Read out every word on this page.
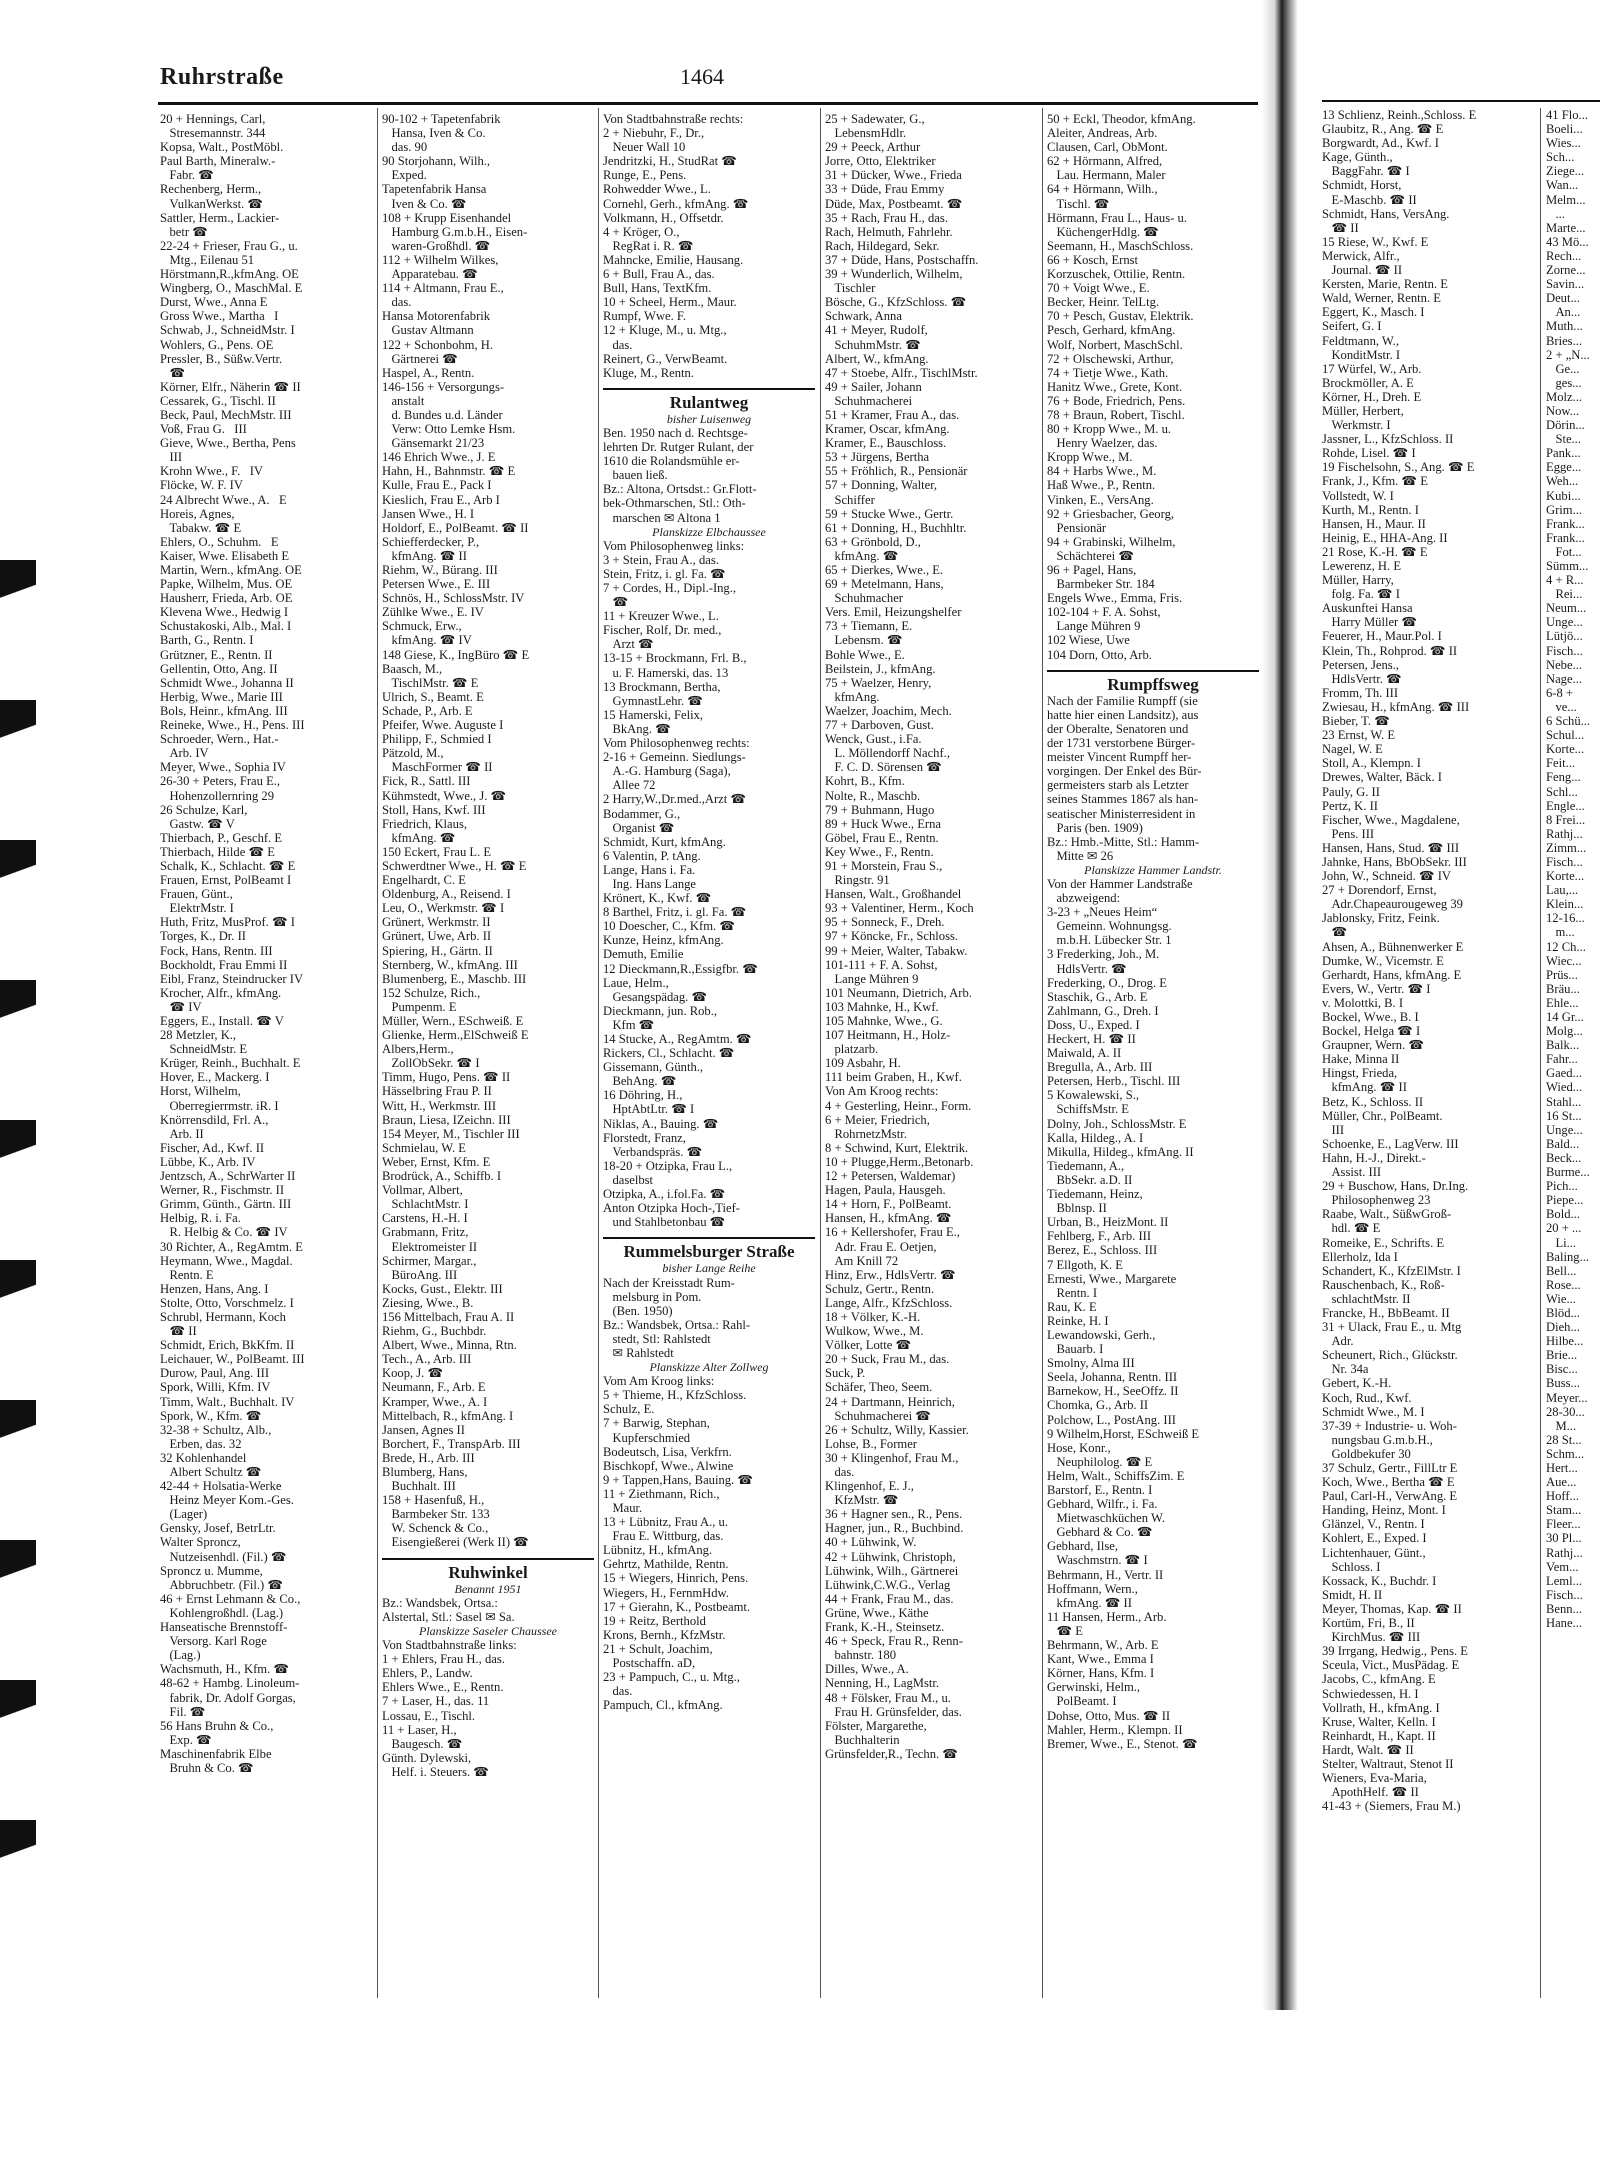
Ruhrstraße	1464
20 + Hennings, Carl,
Stresemannstr. 344
Kopsa, Walt., PostMöbl.
Paul Barth, Mineralw.-
Fabr. ☎
Rechenberg, Herm.,
VulkanWerkst. ☎
Sattler, Herm., Lackier-
betr ☎
22-24 + Frieser, Frau G., u.
Mtg., Eilenau 51
Hörstmann,R.,kfmAng. OE
Wingberg, O., MaschMal. E
Durst, Wwe., Anna E
Gross Wwe., Martha   I
Schwab, J., SchneidMstr. I
Wohlers, G., Pens. OE
Pressler, B., Süßw.Vertr.
☎
Körner, Elfr., Näherin ☎ II
Cessarek, G., Tischl. II
Beck, Paul, MechMstr. III
Voß, Frau G.   III
Gieve, Wwe., Bertha, Pens
III
Krohn Wwe., F.   IV
Flöcke, W. F. IV
24 Albrecht Wwe., A.   E
Horeis, Agnes,
Tabakw. ☎ E
Ehlers, O., Schuhm.   E
Kaiser, Wwe. Elisabeth E
Martin, Wern., kfmAng. OE
Papke, Wilhelm, Mus. OE
Hausherr, Frieda, Arb. OE
Klevena Wwe., Hedwig I
Schustakoski, Alb., Mal. I
Barth, G., Rentn. I
Grützner, E., Rentn. II
Gellentin, Otto, Ang. II
Schmidt Wwe., Johanna II
Herbig, Wwe., Marie III
Bols, Heinr., kfmAng. III
Reineke, Wwe., H., Pens. III
Schroeder, Wern., Hat.-
Arb. IV
Meyer, Wwe., Sophia IV
26-30 + Peters, Frau E.,
Hohenzollernring 29
26 Schulze, Karl,
Gastw. ☎ V
Thierbach, P., Geschf. E
Thierbach, Hilde ☎ E
Schalk, K., Schlacht. ☎ E
Frauen, Ernst, PolBeamt I
Frauen, Günt.,
ElektrMstr. I
Huth, Fritz, MusProf. ☎ I
Torges, K., Dr. II
Fock, Hans, Rentn. III
Bockholdt, Frau Emmi II
Eibl, Franz, Steindrucker IV
Krocher, Alfr., kfmAng.
☎ IV
Eggers, E., Install. ☎ V
28 Metzler, K.,
SchneidMstr. E
Krüger, Reinh., Buchhalt. E
Hover, E., Mackerg. I
Horst, Wilhelm,
Oberregierrmstr. iR. I
Knörrensdild, Frl. A.,
Arb. II
Fischer, Ad., Kwf. II
Lübbe, K., Arb. IV
Jentzsch, A., SchrWarter II
Werner, R., Fischmstr. II
Grimm, Günth., Gärtn. III
Helbig, R. i. Fa.
R. Helbig & Co. ☎ IV
30 Richter, A., RegAmtm. E
Heymann, Wwe., Magdal.
Rentn. E
Henzen, Hans, Ang. I
Stolte, Otto, Vorschmelz. I
Schrubl, Hermann, Koch
☎ II
Schmidt, Erich, BkKfm. II
Leichauer, W., PolBeamt. III
Durow, Paul, Ang. III
Spork, Willi, Kfm. IV
Timm, Walt., Buchhalt. IV
Spork, W., Kfm. ☎
32-38 + Schultz, Alb.,
Erben, das. 32
32 Kohlenhandel
Albert Schultz ☎
42-44 + Holsatia-Werke
Heinz Meyer Kom.-Ges.
(Lager)
Gensky, Josef, BetrLtr.
Walter Sproncz,
Nutzeisenhdl. (Fil.) ☎
Sproncz u. Mumme,
Abbruchbetr. (Fil.) ☎
46 + Ernst Lehmann & Co.,
Kohlengroßhdl. (Lag.)
Hanseatische Brennstoff-
Versorg. Karl Roge
(Lag.)
Wachsmuth, H., Kfm. ☎
48-62 + Hambg. Linoleum-
fabrik, Dr. Adolf Gorgas,
Fil. ☎
56 Hans Bruhn & Co.,
Exp. ☎
Maschinenfabrik Elbe
Bruhn & Co. ☎
90-102 + Tapetenfabrik
Hansa, Iven & Co.
das. 90
90 Storjohann, Wilh.,
Exped.
Tapetenfabrik Hansa
Iven & Co. ☎
108 + Krupp Eisenhandel
Hamburg G.m.b.H., Eisen-
waren-Großhdl. ☎
112 + Wilhelm Wilkes,
Apparatebau. ☎
114 + Altmann, Frau E.,
das.
Hansa Motorenfabrik
Gustav Altmann
122 + Schonbohm, H.
Gärtnerei ☎
Haspel, A., Rentn.
146-156 + Versorgungs-
anstalt
d. Bundes u.d. Länder
Verw: Otto Lemke Hsm.
Gänsemarkt 21/23
146 Ehrich Wwe., J. E
Hahn, H., Bahnmstr. ☎ E
Kulle, Frau E., Pack I
Kieslich, Frau E., Arb I
Jansen Wwe., H. I
Holdorf, E., PolBeamt. ☎ II
Schiefferdecker, P.,
kfmAng. ☎ II
Riehm, W., Bürang. III
Petersen Wwe., E. III
Schnös, H., SchlossMstr. IV
Zühlke Wwe., E. IV
Schmuck, Erw.,
kfmAng. ☎ IV
148 Giese, K., IngBüro ☎ E
Baasch, M.,
TischlMstr. ☎ E
Ulrich, S., Beamt. E
Schade, P., Arb. E
Pfeifer, Wwe. Auguste I
Philipp, F., Schmied I
Pätzold, M.,
MaschFormer ☎ II
Fick, R., Sattl. III
Kühmstedt, Wwe., J. ☎
Stoll, Hans, Kwf. III
Friedrich, Klaus,
kfmAng. ☎
150 Eckert, Frau L. E
Schwerdtner Wwe., H. ☎ E
Engelhardt, C. E
Oldenburg, A., Reisend. I
Leu, O., Werkmstr. ☎ I
Grünert, Werkmstr. II
Grünert, Uwe, Arb. II
Spiering, H., Gärtn. II
Sternberg, W., kfmAng. III
Blumenberg, E., Maschb. III
152 Schulze, Rich.,
Pumpenm. E
Müller, Wern., ESchweiß. E
Glienke, Herm.,ElSchweiß E
Albers,Herm.,
ZollObSekr. ☎ I
Timm, Hugo, Pens. ☎ II
Hässelbring Frau P. II
Witt, H., Werkmstr. III
Braun, Liesa, IZeichn. III
154 Meyer, M., Tischler III
Schmielau, W. E
Weber, Ernst, Kfm. E
Brodrück, A., Schiffb. I
Vollmar, Albert,
SchlachtMstr. I
Carstens, H.-H. I
Grabmann, Fritz,
Elektromeister II
Schirmer, Margar.,
BüroAng. III
Kocks, Gust., Elektr. III
Ziesing, Wwe., B.
156 Mittelbach, Frau A. II
Riehm, G., Buchbdr.
Albert, Wwe., Minna, Rtn.
Tech., A., Arb. III
Koop, J. ☎
Neumann, F., Arb. E
Kramper, Wwe., A. I
Mittelbach, R., kfmAng. I
Jansen, Agnes II
Borchert, F., TranspArb. III
Brede, H., Arb. III
Blumberg, Hans,
Buchhalt. III
158 + Hasenfuß, H.,
Barmbeker Str. 133
W. Schenck & Co.,
Eisengießerei (Werk II) ☎
Ruhwinkel
Benannt 1951
Bz.: Wandsbek, Ortsa.:
Alstertal, Stl.: Sasel ✉ Sa.
Planskizze Saseler Chaussee
Von Stadtbahnstraße links:
1 + Ehlers, Frau H., das.
Ehlers, P., Landw.
Ehlers Wwe., E., Rentn.
7 + Laser, H., das. 11
Lossau, E., Tischl.
11 + Laser, H.,
Baugesch. ☎
Günth. Dylewski,
Helf. i. Steuers. ☎
Von Stadtbahnstraße rechts:
2 + Niebuhr, F., Dr.,
Neuer Wall 10
Jendritzki, H., StudRat ☎
Runge, E., Pens.
Rohwedder Wwe., L.
Cornehl, Gerh., kfmAng. ☎
Volkmann, H., Offsetdr.
4 + Kröger, O.,
RegRat i. R. ☎
Mahncke, Emilie, Hausang.
6 + Bull, Frau A., das.
Bull, Hans, TextKfm.
10 + Scheel, Herm., Maur.
Rumpf, Wwe. F.
12 + Kluge, M., u. Mtg.,
das.
Reinert, G., VerwBeamt.
Kluge, M., Rentn.
Rulantweg
bisher Luisenweg
Ben. 1950 nach d. Rechtsge-
lehrten Dr. Rutger Rulant, der
1610 die Rolandsmühle er-
bauen ließ.
Bz.: Altona, Ortsdst.: Gr.Flott-
bek-Othmarschen, Stl.: Oth-
marschen ✉ Altona 1
Planskizze Elbchaussee
Vom Philosophenweg links:
3 + Stein, Frau A., das.
Stein, Fritz, i. gl. Fa. ☎
7 + Cordes, H., Dipl.-Ing.,
☎
11 + Kreuzer Wwe., L.
Fischer, Rolf, Dr. med.,
Arzt ☎
13-15 + Brockmann, Frl. B.,
u. F. Hamerski, das. 13
13 Brockmann, Bertha,
GymnastLehr. ☎
15 Hamerski, Felix,
BkAng. ☎
Vom Philosophenweg rechts:
2-16 + Gemeinn. Siedlungs-
A.-G. Hamburg (Saga),
Allee 72
2 Harry,W.,Dr.med.,Arzt ☎
Bodammer, G.,
Organist ☎
Schmidt, Kurt, kfmAng.
6 Valentin, P. tAng.
Lange, Hans i. Fa.
Ing. Hans Lange
Krönert, K., Kwf. ☎
8 Barthel, Fritz, i. gl. Fa. ☎
10 Doescher, C., Kfm. ☎
Kunze, Heinz, kfmAng.
Demuth, Emilie
12 Dieckmann,R.,Essigfbr. ☎
Laue, Helm.,
Gesangspädag. ☎
Dieckmann, jun. Rob.,
Kfm ☎
14 Stucke, A., RegAmtm. ☎
Rickers, Cl., Schlacht. ☎
Gissemann, Günth.,
BehAng. ☎
16 Döhring, H.,
HptAbtLtr. ☎ I
Niklas, A., Bauing. ☎
Florstedt, Franz,
Verbandspräs. ☎
18-20 + Otzipka, Frau L.,
daselbst
Otzipka, A., i.fol.Fa. ☎
Anton Otzipka Hoch-,Tief-
und Stahlbetonbau ☎
Rummelsburger Straße
bisher Lange Reihe
Nach der Kreisstadt Rum-
melsburg in Pom.
(Ben. 1950)
Bz.: Wandsbek, Ortsa.: Rahl-
stedt, Stl: Rahlstedt
✉ Rahlstedt
Planskizze Alter Zollweg
Vom Am Kroog links:
5 + Thieme, H., KfzSchloss.
Schulz, E.
7 + Barwig, Stephan,
Kupferschmied
Bodeutsch, Lisa, Verkfrn.
Bischkopf, Wwe., Alwine
9 + Tappen,Hans, Bauing. ☎
11 + Ziethmann, Rich.,
Maur.
13 + Lübnitz, Frau A., u.
Frau E. Wittburg, das.
Lübnitz, H., kfmAng.
Gehrtz, Mathilde, Rentn.
15 + Wiegers, Hinrich, Pens.
Wiegers, H., FernmHdw.
17 + Gierahn, K., Postbeamt.
19 + Reitz, Berthold
Krons, Bernh., KfzMstr.
21 + Schult, Joachim,
Postschaffn. aD,
23 + Pampuch, C., u. Mtg.,
das.
Pampuch, Cl., kfmAng.
25 + Sadewater, G.,
LebensmHdlr.
29 + Peeck, Arthur
Jorre, Otto, Elektriker
31 + Dücker, Wwe., Frieda
33 + Düde, Frau Emmy
Düde, Max, Postbeamt. ☎
35 + Rach, Frau H., das.
Rach, Helmuth, Fahrlehr.
Rach, Hildegard, Sekr.
37 + Düde, Hans, Postschaffn.
39 + Wunderlich, Wilhelm,
Tischler
Bösche, G., KfzSchloss. ☎
Schwark, Anna
41 + Meyer, Rudolf,
SchuhmMstr. ☎
Albert, W., kfmAng.
47 + Stoebe, Alfr., TischlMstr.
49 + Sailer, Johann
Schuhmacherei
51 + Kramer, Frau A., das.
Kramer, Oscar, kfmAng.
Kramer, E., Bauschloss.
53 + Jürgens, Bertha
55 + Fröhlich, R., Pensionär
57 + Donning, Walter,
Schiffer
59 + Stucke Wwe., Gertr.
61 + Donning, H., Buchhltr.
63 + Grönbold, D.,
kfmAng. ☎
65 + Dierkes, Wwe., E.
69 + Metelmann, Hans,
Schuhmacher
Vers. Emil, Heizungshelfer
73 + Tiemann, E.
Lebensm. ☎
Bohle Wwe., E.
Beilstein, J., kfmAng.
75 + Waelzer, Henry,
kfmAng.
Waelzer, Joachim, Mech.
77 + Darboven, Gust.
Wenck, Gust., i.Fa.
L. Möllendorff Nachf.,
F. C. D. Sörensen ☎
Kohrt, B., Kfm.
Nolte, R., Maschb.
79 + Buhmann, Hugo
89 + Huck Wwe., Erna
Göbel, Frau E., Rentn.
Key Wwe., F., Rentn.
91 + Morstein, Frau S.,
Ringstr. 91
Hansen, Walt., Großhandel
93 + Valentiner, Herm., Koch
95 + Sonneck, F., Dreh.
97 + Köncke, Fr., Schloss.
99 + Meier, Walter, Tabakw.
101-111 + F. A. Sohst,
Lange Mühren 9
101 Neumann, Dietrich, Arb.
103 Mahnke, H., Kwf.
105 Mahnke, Wwe., G.
107 Heitmann, H., Holz-
platzarb.
109 Asbahr, H.
111 beim Graben, H., Kwf.
Von Am Kroog rechts:
4 + Gesterling, Heinr., Form.
6 + Meier, Friedrich,
RohrnetzMstr.
8 + Schwind, Kurt, Elektrik.
10 + Plugge,Herm.,Betonarb.
12 + Petersen, Waldemar)
Hagen, Paula, Hausgeh.
14 + Horn, F., PolBeamt.
Hansen, H., kfmAng. ☎
16 + Kellershofer, Frau E.,
Adr. Frau E. Oetjen,
Am Knill 72
Hinz, Erw., HdlsVertr. ☎
Schulz, Gertr., Rentn.
Lange, Alfr., KfzSchloss.
18 + Völker, K.-H.
Wulkow, Wwe., M.
Völker, Lotte ☎
20 + Suck, Frau M., das.
Suck, P.
Schäfer, Theo, Seem.
24 + Dartmann, Heinrich,
Schuhmacherei ☎
26 + Schultz, Willy, Kassier.
Lohse, B., Former
30 + Klingenhof, Frau M.,
das.
Klingenhof, E. J.,
KfzMstr. ☎
36 + Hagner sen., R., Pens.
Hagner, jun., R., Buchbind.
40 + Lühwink, W.
42 + Lühwink, Christoph,
Lühwink, Wilh., Gärtnerei
Lühwink,C.W.G., Verlag
44 + Frank, Frau M., das.
Grüne, Wwe., Käthe
Frank, K.-H., Steinsetz.
46 + Speck, Frau R., Renn-
bahnstr. 180
Dilles, Wwe., A.
Nenning, H., LagMstr.
48 + Fölsker, Frau M., u.
Frau H. Grünsfelder, das.
Fölster, Margarethe,
Buchhalterin
Grünsfelder,R., Techn. ☎
50 + Eckl, Theodor, kfmAng.
Aleiter, Andreas, Arb.
Clausen, Carl, ObMont.
62 + Hörmann, Alfred,
Lau. Hermann, Maler
64 + Hörmann, Wilh.,
Tischl. ☎
Hörmann, Frau L., Haus- u.
KüchengerHdlg. ☎
Seemann, H., MaschSchloss.
66 + Kosch, Ernst
Korzuschek, Ottilie, Rentn.
70 + Voigt Wwe., E.
Becker, Heinr. TelLtg.
70 + Pesch, Gustav, Elektrik.
Pesch, Gerhard, kfmAng.
Wolf, Norbert, MaschSchl.
72 + Olschewski, Arthur,
74 + Tietje Wwe., Kath.
Hanitz Wwe., Grete, Kont.
76 + Bode, Friedrich, Pens.
78 + Braun, Robert, Tischl.
80 + Kropp Wwe., M. u.
Henry Waelzer, das.
Kropp Wwe., M.
84 + Harbs Wwe., M.
Haß Wwe., P., Rentn.
Vinken, E., VersAng.
92 + Griesbacher, Georg,
Pensionär
94 + Grabinski, Wilhelm,
Schächterei ☎
96 + Pagel, Hans,
Barmbeker Str. 184
Engels Wwe., Emma, Fris.
102-104 + F. A. Sohst,
Lange Mühren 9
102 Wiese, Uwe
104 Dorn, Otto, Arb.
Rumpffsweg
Nach der Familie Rumpff (sie
hatte hier einen Landsitz), aus
der Oberalte, Senatoren und
der 1731 verstorbene Bürger-
meister Vincent Rumpff her-
vorgingen. Der Enkel des Bür-
germeisters starb als Letzter
seines Stammes 1867 als han-
seatischer Ministerresident in
Paris (ben. 1909)
Bz.: Hmb.-Mitte, Stl.: Hamm-
Mitte ✉ 26
Planskizze Hammer Landstr.
Von der Hammer Landstraße
abzweigend:
3-23 + „Neues Heim“
Gemeinn. Wohnungsg.
m.b.H. Lübecker Str. 1
3 Frederking, Joh., M.
HdlsVertr. ☎
Frederking, O., Drog. E
Staschik, G., Arb. E
Zahlmann, G., Dreh. I
Doss, U., Exped. I
Heckert, H. ☎ II
Maiwald, A. II
Bregulla, A., Arb. III
Petersen, Herb., Tischl. III
5 Kowalewski, S.,
SchiffsMstr. E
Dolny, Joh., SchlossMstr. E
Kalla, Hildeg., A. I
Mikulla, Hildeg., kfmAng. II
Tiedemann, A.,
BbSekr. a.D. II
Tiedemann, Heinz,
Bblnsp. II
Urban, B., HeizMont. II
Fehlberg, F., Arb. III
Berez, E., Schloss. III
7 Ellgoth, K. E
Ernesti, Wwe., Margarete
Rentn. I
Rau, K. E
Reinke, H. I
Lewandowski, Gerh.,
Bauarb. I
Smolny, Alma III
Seela, Johanna, Rentn. III
Barnekow, H., SeeOffz. II
Chomka, G., Arb. II
Polchow, L., PostAng. III
9 Wilhelm,Horst, ESchweiß E
Hose, Konr.,
Neuphilolog. ☎ E
Helm, Walt., SchiffsZim. E
Barstorf, E., Rentn. I
Gebhard, Wilfr., i. Fa.
Mietwaschküchen W.
Gebhard & Co. ☎
Gebhard, Ilse,
Waschmstrn. ☎ I
Behrmann, H., Vertr. II
Hoffmann, Wern.,
kfmAng. ☎ II
11 Hansen, Herm., Arb.
☎ E
Behrmann, W., Arb. E
Kant, Wwe., Emma I
Körner, Hans, Kfm. I
Gerwinski, Helm.,
PolBeamt. I
Dohse, Otto, Mus. ☎ II
Mahler, Herm., Klempn. II
Bremer, Wwe., E., Stenot. ☎
13 Schlienz, Reinh.,Schloss. E
Glaubitz, R., Ang. ☎ E
Borgwardt, Ad., Kwf. I
Kage, Günth.,
BaggFahr. ☎ I
Schmidt, Horst,
E-Maschb. ☎ II
Schmidt, Hans, VersAng.
☎ II
15 Riese, W., Kwf. E
Merwick, Alfr.,
Journal. ☎ II
Kersten, Marie, Rentn. E
Wald, Werner, Rentn. E
Eggert, K., Masch. I
Seifert, G. I
Feldtmann, W.,
KonditMstr. I
17 Würfel, W., Arb.
Brockmöller, A. E
Körner, H., Dreh. E
Müller, Herbert,
Werkmstr. I
Jassner, L., KfzSchloss. II
Rohde, Lisel. ☎ I
19 Fischelsohn, S., Ang. ☎ E
Frank, J., Kfm. ☎ E
Vollstedt, W. I
Kurth, M., Rentn. I
Hansen, H., Maur. II
Heinig, E., HHA-Ang. II
21 Rose, K.-H. ☎ E
Lewerenz, H. E
Müller, Harry,
folg. Fa. ☎ I
Auskunftei Hansa
Harry Müller ☎
Feuerer, H., Maur.Pol. I
Klein, Th., Rohprod. ☎ II
Petersen, Jens.,
HdlsVertr. ☎
Fromm, Th. III
Zwiesau, H., kfmAng. ☎ III
Bieber, T. ☎
23 Ernst, W. E
Nagel, W. E
Stoll, A., Klempn. I
Drewes, Walter, Bäck. I
Pauly, G. II
Pertz, K. II
Fischer, Wwe., Magdalene,
Pens. III
Hansen, Hans, Stud. ☎ III
Jahnke, Hans, BbObSekr. III
John, W., Schneid. ☎ IV
27 + Dorendorf, Ernst,
Adr.Chapeaurougeweg 39
Jablonsky, Fritz, Feink.
☎
Ahsen, A., Bühnenwerker E
Dumke, W., Vicemstr. E
Gerhardt, Hans, kfmAng. E
Evers, W., Vertr. ☎ I
v. Molottki, B. I
Bockel, Wwe., B. I
Bockel, Helga ☎ I
Graupner, Wern. ☎
Hake, Minna II
Hingst, Frieda,
kfmAng. ☎ II
Betz, K., Schloss. II
Müller, Chr., PolBeamt.
III
Schoenke, E., LagVerw. III
Hahn, H.-J., Direkt.-
Assist. III
29 + Buschow, Hans, Dr.Ing.
Philosophenweg 23
Raabe, Walt., SüßwGroß-
hdl. ☎ E
Romeike, E., Schrifts. E
Ellerholz, Ida I
Schandert, K., KfzElMstr. I
Rauschenbach, K., Roß-
schlachtMstr. II
Francke, H., BbBeamt. II
31 + Ulack, Frau E., u. Mtg
Adr.
Scheunert, Rich., Glückstr.
Nr. 34a
Gebert, K.-H.
Koch, Rud., Kwf.
Schmidt Wwe., M. I
37-39 + Industrie- u. Woh-
nungsbau G.m.b.H.,
Goldbekufer 30
37 Schulz, Gertr., FillLtr E
Koch, Wwe., Bertha ☎ E
Paul, Carl-H., VerwAng. E
Handing, Heinz, Mont. I
Glänzel, V., Rentn. I
Kohlert, E., Exped. I
Lichtenhauer, Günt.,
Schloss. I
Kossack, K., Buchdr. I
Smidt, H. II
Meyer, Thomas, Kap. ☎ II
Kortüm, Fri, B., II
KirchMus. ☎ III
39 Irrgang, Hedwig., Pens. E
Sceula, Vict., MusPädag. E
Jacobs, C., kfmAng. E
Schwiedessen, H. I
Vollrath, H., kfmAng. I
Kruse, Walter, Kelln. I
Reinhardt, H., Kapt. II
Hardt, Walt. ☎ II
Stelter, Waltraut, Stenot II
Wieners, Eva-Maria,
ApothHelf. ☎ II
41-43 + (Siemers, Frau M.)
41 Flo...
Boeli...
Wies...
Sch...
Ziege...
Wan...
Melm...
...
Marte...
43 Mö...
Rech...
Zorne...
Savin...
Deut...
An...
Muth...
Bries...
2 + „N...
Ge...
ges...
Molz...
Now...
Dörin...
Ste...
Pank...
Egge...
Weh...
Kubi...
Grim...
Frank...
Frank...
Fot...
Sümm...
4 + R...
Rei...
Neum...
Unge...
Lütjö...
Fisch...
Nebe...
Nage...
6-8 +
ve...
6 Schü...
Schul...
Korte...
Feit...
Feng...
Schl...
Engle...
8 Frei...
Rathj...
Zimm...
Fisch...
Korte...
Lau,...
Klein...
12-16...
m...
12 Ch...
Wiec...
Prüs...
Bräu...
Ehle...
14 Gr...
Molg...
Balk...
Fahr...
Gaed...
Wied...
Stahl...
16 St...
Unge...
Bald...
Beck...
Burme...
Pich...
Piepe...
Bold...
20 + ...
Li...
Baling...
Bell...
Rose...
Wie...
Blöd...
Dieh...
Hilbe...
Brie...
Bisc...
Buss...
Meyer...
28-30...
M...
28 St...
Schm...
Hert...
Aue...
Hoff...
Stam...
Fleer...
30 Pl...
Rathj...
Vem...
Leml...
Fisch...
Benn...
Hane...
